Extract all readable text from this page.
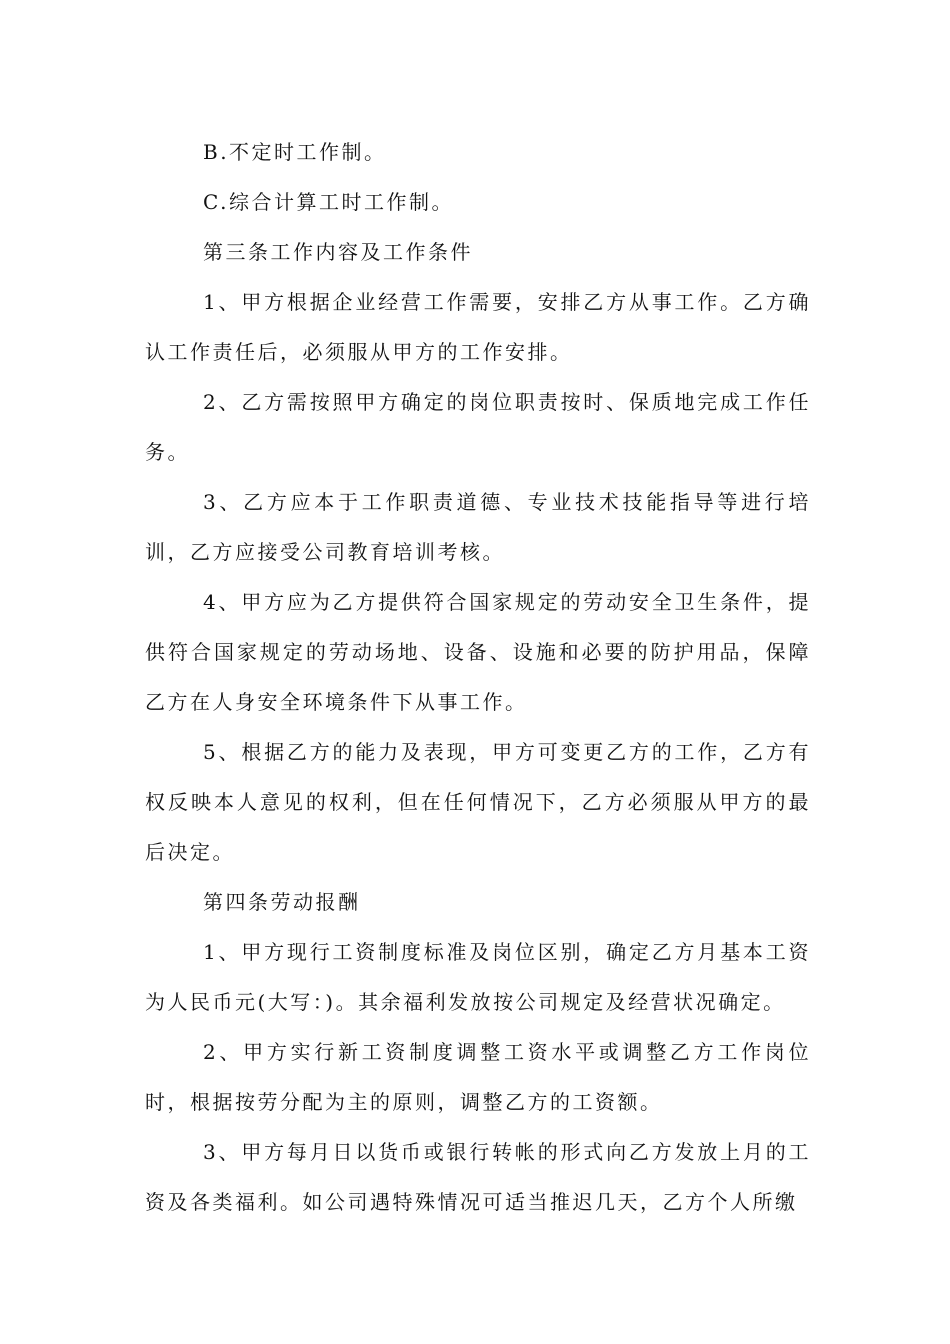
B.不定时工作制。

C.综合计算工时工作制。

第三条工作内容及工作条件

1、甲方根据企业经营工作需要，安排乙方从事工作。乙方确认工作责任后，必须服从甲方的工作安排。

2、乙方需按照甲方确定的岗位职责按时、保质地完成工作任务。

3、乙方应本于工作职责道德、专业技术技能指导等进行培训，乙方应接受公司教育培训考核。

4、甲方应为乙方提供符合国家规定的劳动安全卫生条件，提供符合国家规定的劳动场地、设备、设施和必要的防护用品，保障乙方在人身安全环境条件下从事工作。

5、根据乙方的能力及表现，甲方可变更乙方的工作，乙方有权反映本人意见的权利，但在任何情况下，乙方必须服从甲方的最后决定。

第四条劳动报酬

1、甲方现行工资制度标准及岗位区别，确定乙方月基本工资为人民币元(大写：)。其余福利发放按公司规定及经营状况确定。

2、甲方实行新工资制度调整工资水平或调整乙方工作岗位时，根据按劳分配为主的原则，调整乙方的工资额。

3、甲方每月日以货币或银行转帐的形式向乙方发放上月的工资及各类福利。如公司遇特殊情况可适当推迟几天，乙方个人所缴
